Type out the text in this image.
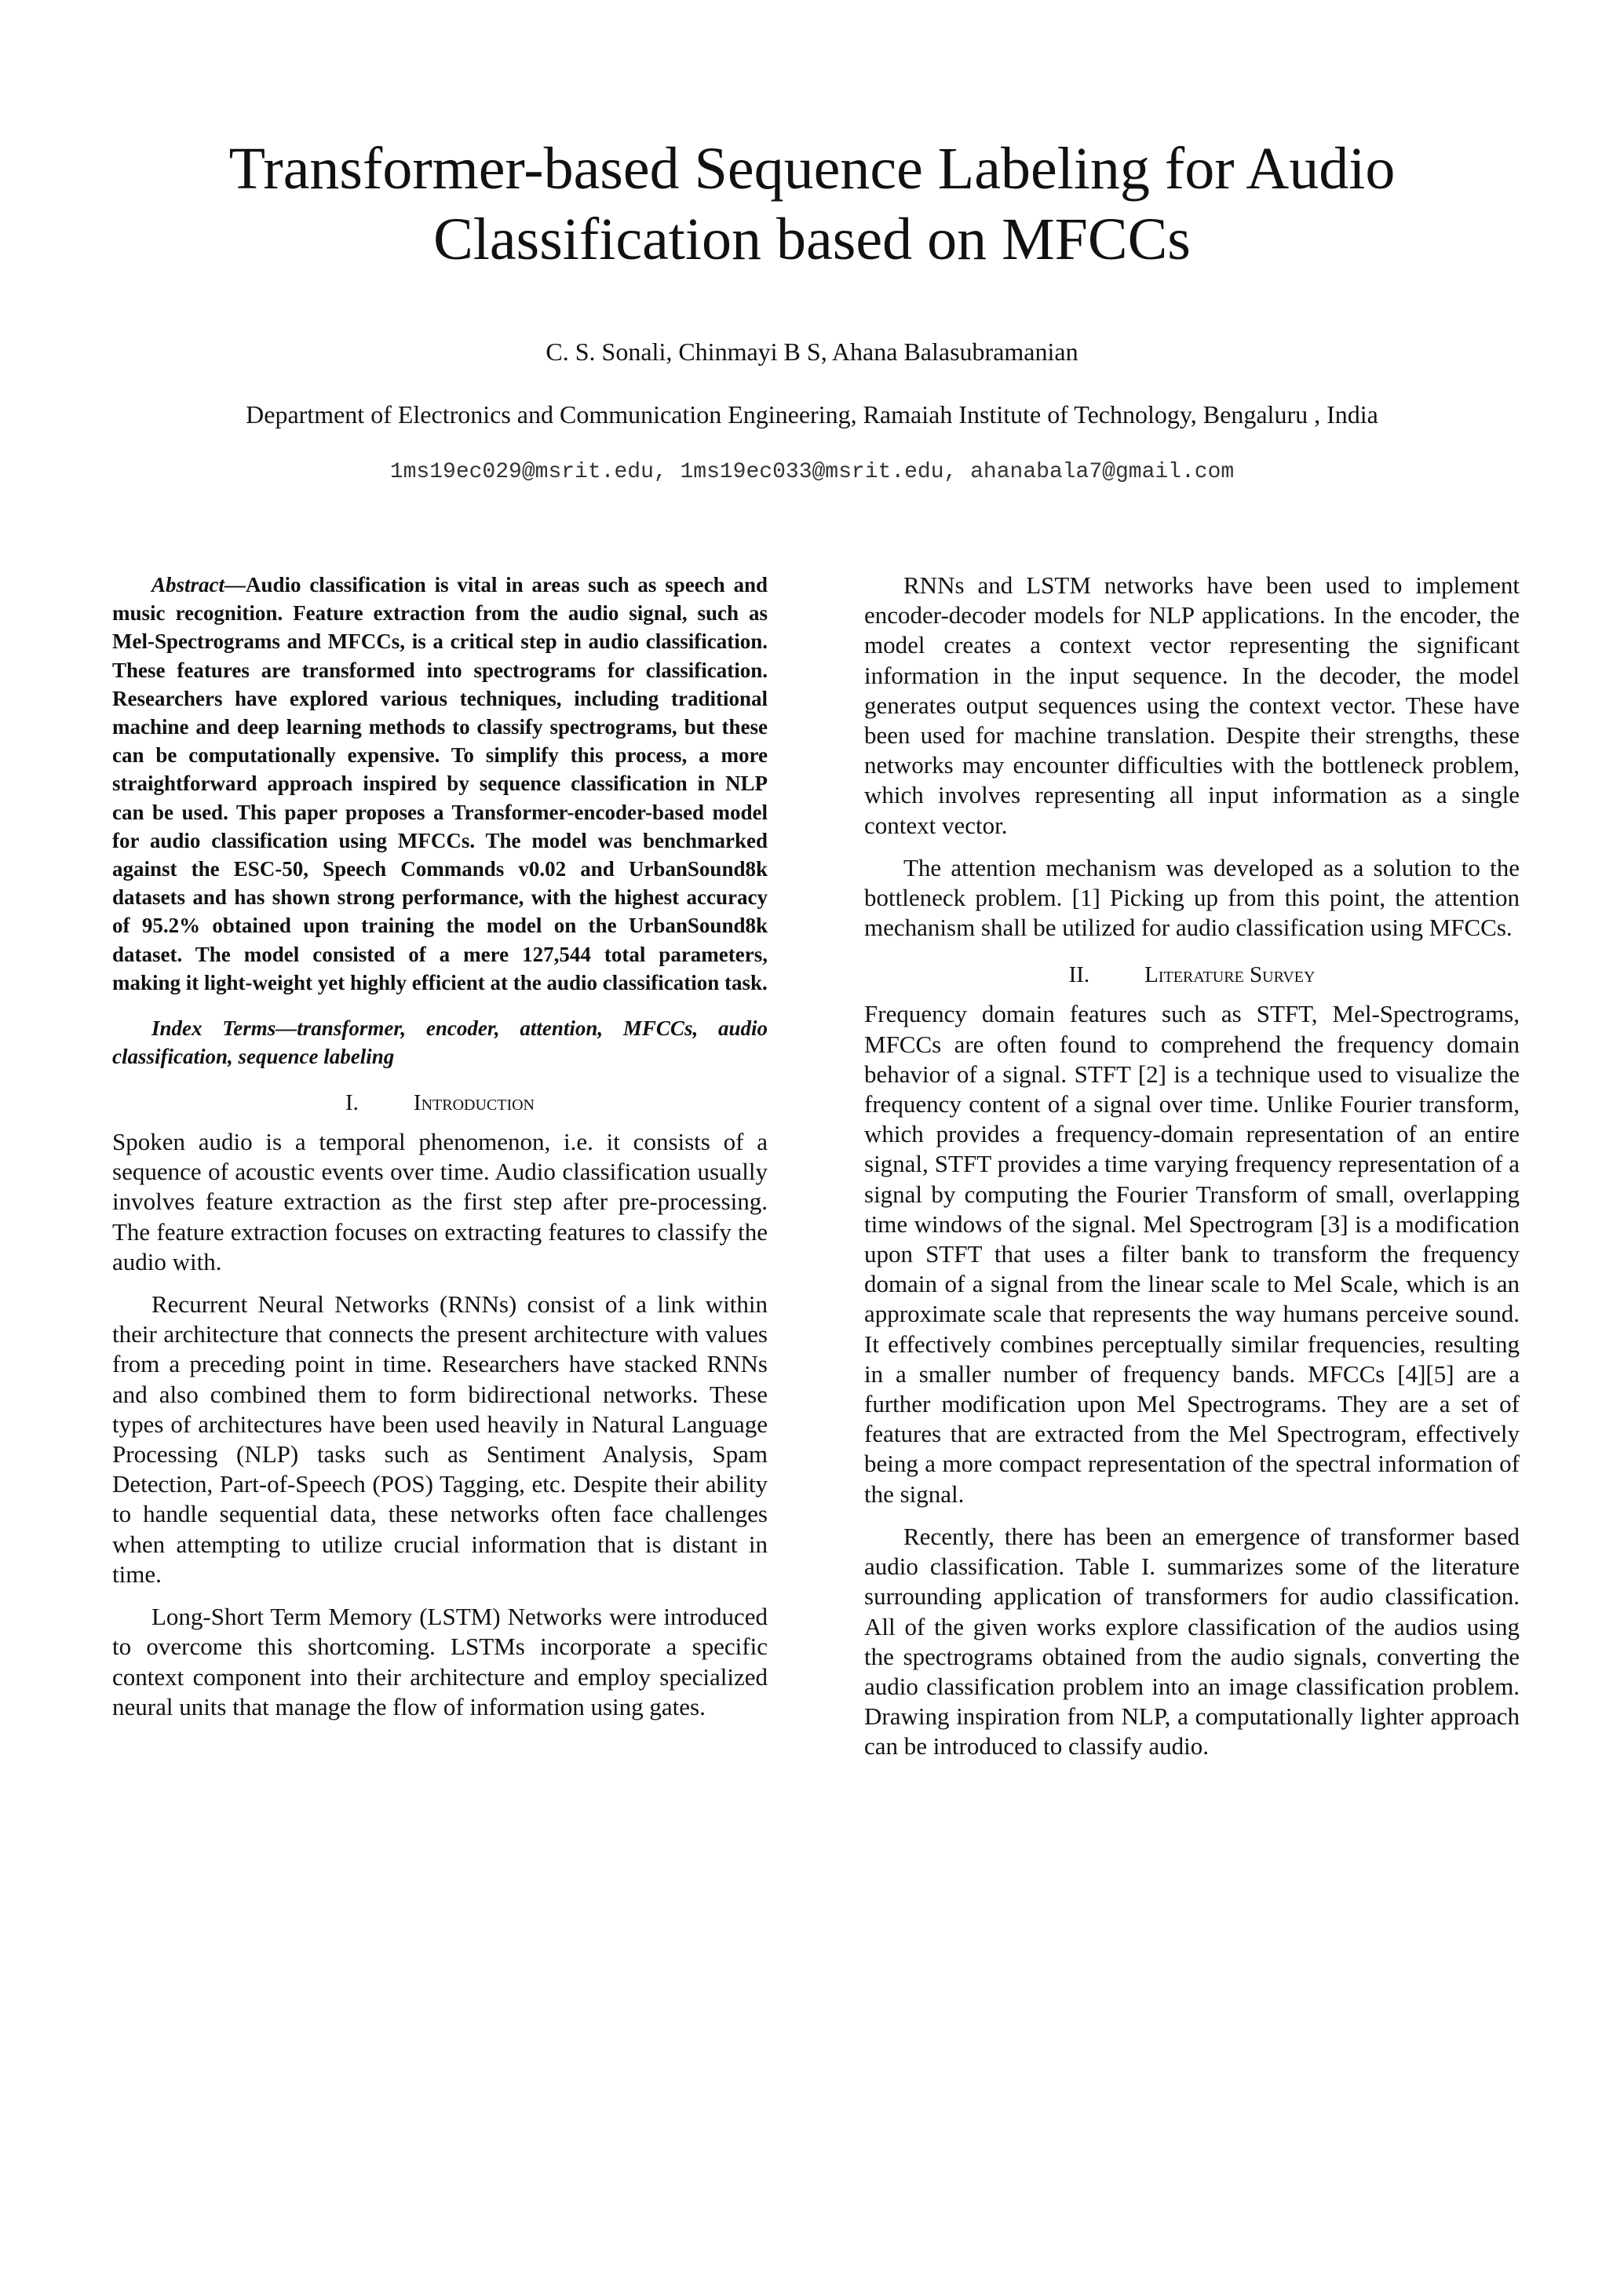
Transformer-based Sequence Labeling for Audio
Classification based on MFCCs
C. S. Sonali, Chinmayi B S, Ahana Balasubramanian
Department of Electronics and Communication Engineering, Ramaiah Institute of Technology, Bengaluru , India
1ms19ec029@msrit.edu, 1ms19ec033@msrit.edu, ahanabala7@gmail.com

Abstract—Audio classification is vital in areas such as speech and music recognition. Feature extraction from the audio signal, such as Mel-Spectrograms and MFCCs, is a critical step in audio classification. These features are transformed into spectrograms for classification. Researchers have explored various techniques, including traditional machine and deep learning methods to classify spectrograms, but these can be computationally expensive. To simplify this process, a more straightforward approach inspired by sequence classification in NLP can be used. This paper proposes a Transformer-encoder-based model for audio classification using MFCCs. The model was benchmarked against the ESC-50, Speech Commands v0.02 and UrbanSound8k datasets and has shown strong performance, with the highest accuracy of 95.2% obtained upon training the model on the UrbanSound8k dataset. The model consisted of a mere 127,544 total parameters, making it light-weight yet highly efficient at the audio classification task.

Index Terms—transformer, encoder, attention, MFCCs, audio classification, sequence labeling

I. Introduction

Spoken audio is a temporal phenomenon, i.e. it consists of a sequence of acoustic events over time. Audio classification usually involves feature extraction as the first step after pre-processing. The feature extraction focuses on extracting features to classify the audio with.

Recurrent Neural Networks (RNNs) consist of a link within their architecture that connects the present architecture with values from a preceding point in time. Researchers have stacked RNNs and also combined them to form bidirectional networks. These types of architectures have been used heavily in Natural Language Processing (NLP) tasks such as Sentiment Analysis, Spam Detection, Part-of-Speech (POS) Tagging, etc. Despite their ability to handle sequential data, these networks often face challenges when attempting to utilize crucial information that is distant in time.

Long-Short Term Memory (LSTM) Networks were introduced to overcome this shortcoming. LSTMs incorporate a specific context component into their architecture and employ specialized neural units that manage the flow of information using gates.

RNNs and LSTM networks have been used to implement encoder-decoder models for NLP applications. In the encoder, the model creates a context vector representing the significant information in the input sequence. In the decoder, the model generates output sequences using the context vector. These have been used for machine translation. Despite their strengths, these networks may encounter difficulties with the bottleneck problem, which involves representing all input information as a single context vector.

The attention mechanism was developed as a solution to the bottleneck problem. [1] Picking up from this point, the attention mechanism shall be utilized for audio classification using MFCCs.

II. Literature Survey

Frequency domain features such as STFT, Mel-Spectrograms, MFCCs are often found to comprehend the frequency domain behavior of a signal. STFT [2] is a technique used to visualize the frequency content of a signal over time. Unlike Fourier transform, which provides a frequency-domain representation of an entire signal, STFT provides a time varying frequency representation of a signal by computing the Fourier Transform of small, overlapping time windows of the signal. Mel Spectrogram [3] is a modification upon STFT that uses a filter bank to transform the frequency domain of a signal from the linear scale to Mel Scale, which is an approximate scale that represents the way humans perceive sound. It effectively combines perceptually similar frequencies, resulting in a smaller number of frequency bands. MFCCs [4][5] are a further modification upon Mel Spectrograms. They are a set of features that are extracted from the Mel Spectrogram, effectively being a more compact representation of the spectral information of the signal.

Recently, there has been an emergence of transformer based audio classification. Table I. summarizes some of the literature surrounding application of transformers for audio classification. All of the given works explore classification of the audios using the spectrograms obtained from the audio signals, converting the audio classification problem into an image classification problem. Drawing inspiration from NLP, a computationally lighter approach can be introduced to classify audio.
